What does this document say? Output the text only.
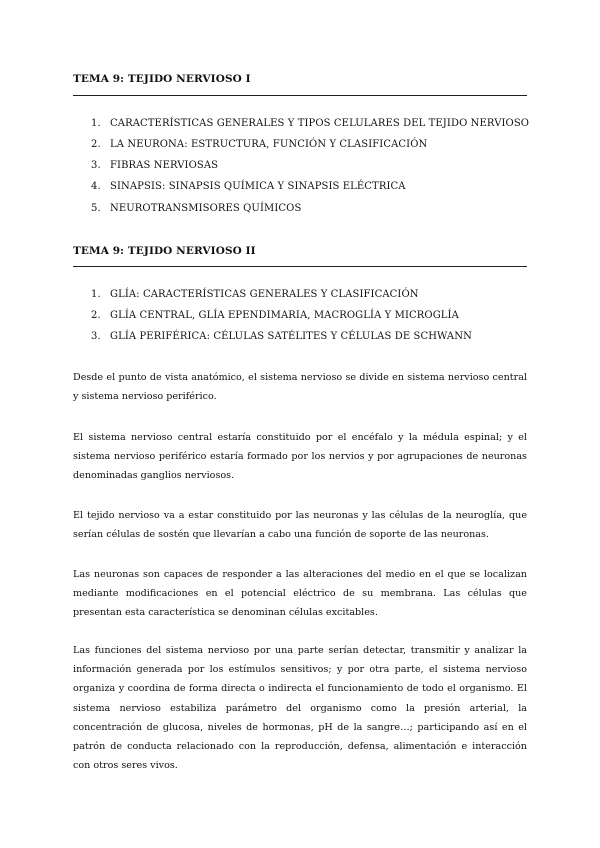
TEMA 9: TEJIDO NERVIOSO I
1. CARACTERÍSTICAS GENERALES Y TIPOS CELULARES DEL TEJIDO NERVIOSO
2. LA NEURONA: ESTRUCTURA, FUNCIÓN Y CLASIFICACIÓN
3. FIBRAS NERVIOSAS
4. SINAPSIS: SINAPSIS QUÍMICA Y SINAPSIS ELÉCTRICA
5. NEUROTRANSMISORES QUÍMICOS
TEMA 9: TEJIDO NERVIOSO II
1. GLÍA: CARACTERÍSTICAS GENERALES Y CLASIFICACIÓN
2. GLÍA CENTRAL, GLÍA EPENDIMARIA, MACROGLÍA Y MICROGLÍA
3. GLÍA PERIFÉRICA: CÉLULAS SATÉLITES Y CÉLULAS DE SCHWANN

Desde el punto de vista anatómico, el sistema nervioso se divide en sistema nervioso central y sistema nervioso periférico.

El sistema nervioso central estaría constituido por el encéfalo y la médula espinal; y el sistema nervioso periférico estaría formado por los nervios y por agrupaciones de neuronas denominadas ganglios nerviosos.

El tejido nervioso va a estar constituido por las neuronas y las células de la neuroglía, que serían células de sostén que llevarían a cabo una función de soporte de las neuronas.

Las neuronas son capaces de responder a las alteraciones del medio en el que se localizan mediante modificaciones en el potencial eléctrico de su membrana. Las células que presentan esta característica se denominan células excitables.

Las funciones del sistema nervioso por una parte serían detectar, transmitir y analizar la información generada por los estímulos sensitivos; y por otra parte, el sistema nervioso organiza y coordina de forma directa o indirecta el funcionamiento de todo el organismo. El sistema nervioso estabiliza parámetro del organismo como la presión arterial, la concentración de glucosa, niveles de hormonas, pH de la sangre…; participando así en el patrón de conducta relacionado con la reproducción, defensa, alimentación e interacción con otros seres vivos.
